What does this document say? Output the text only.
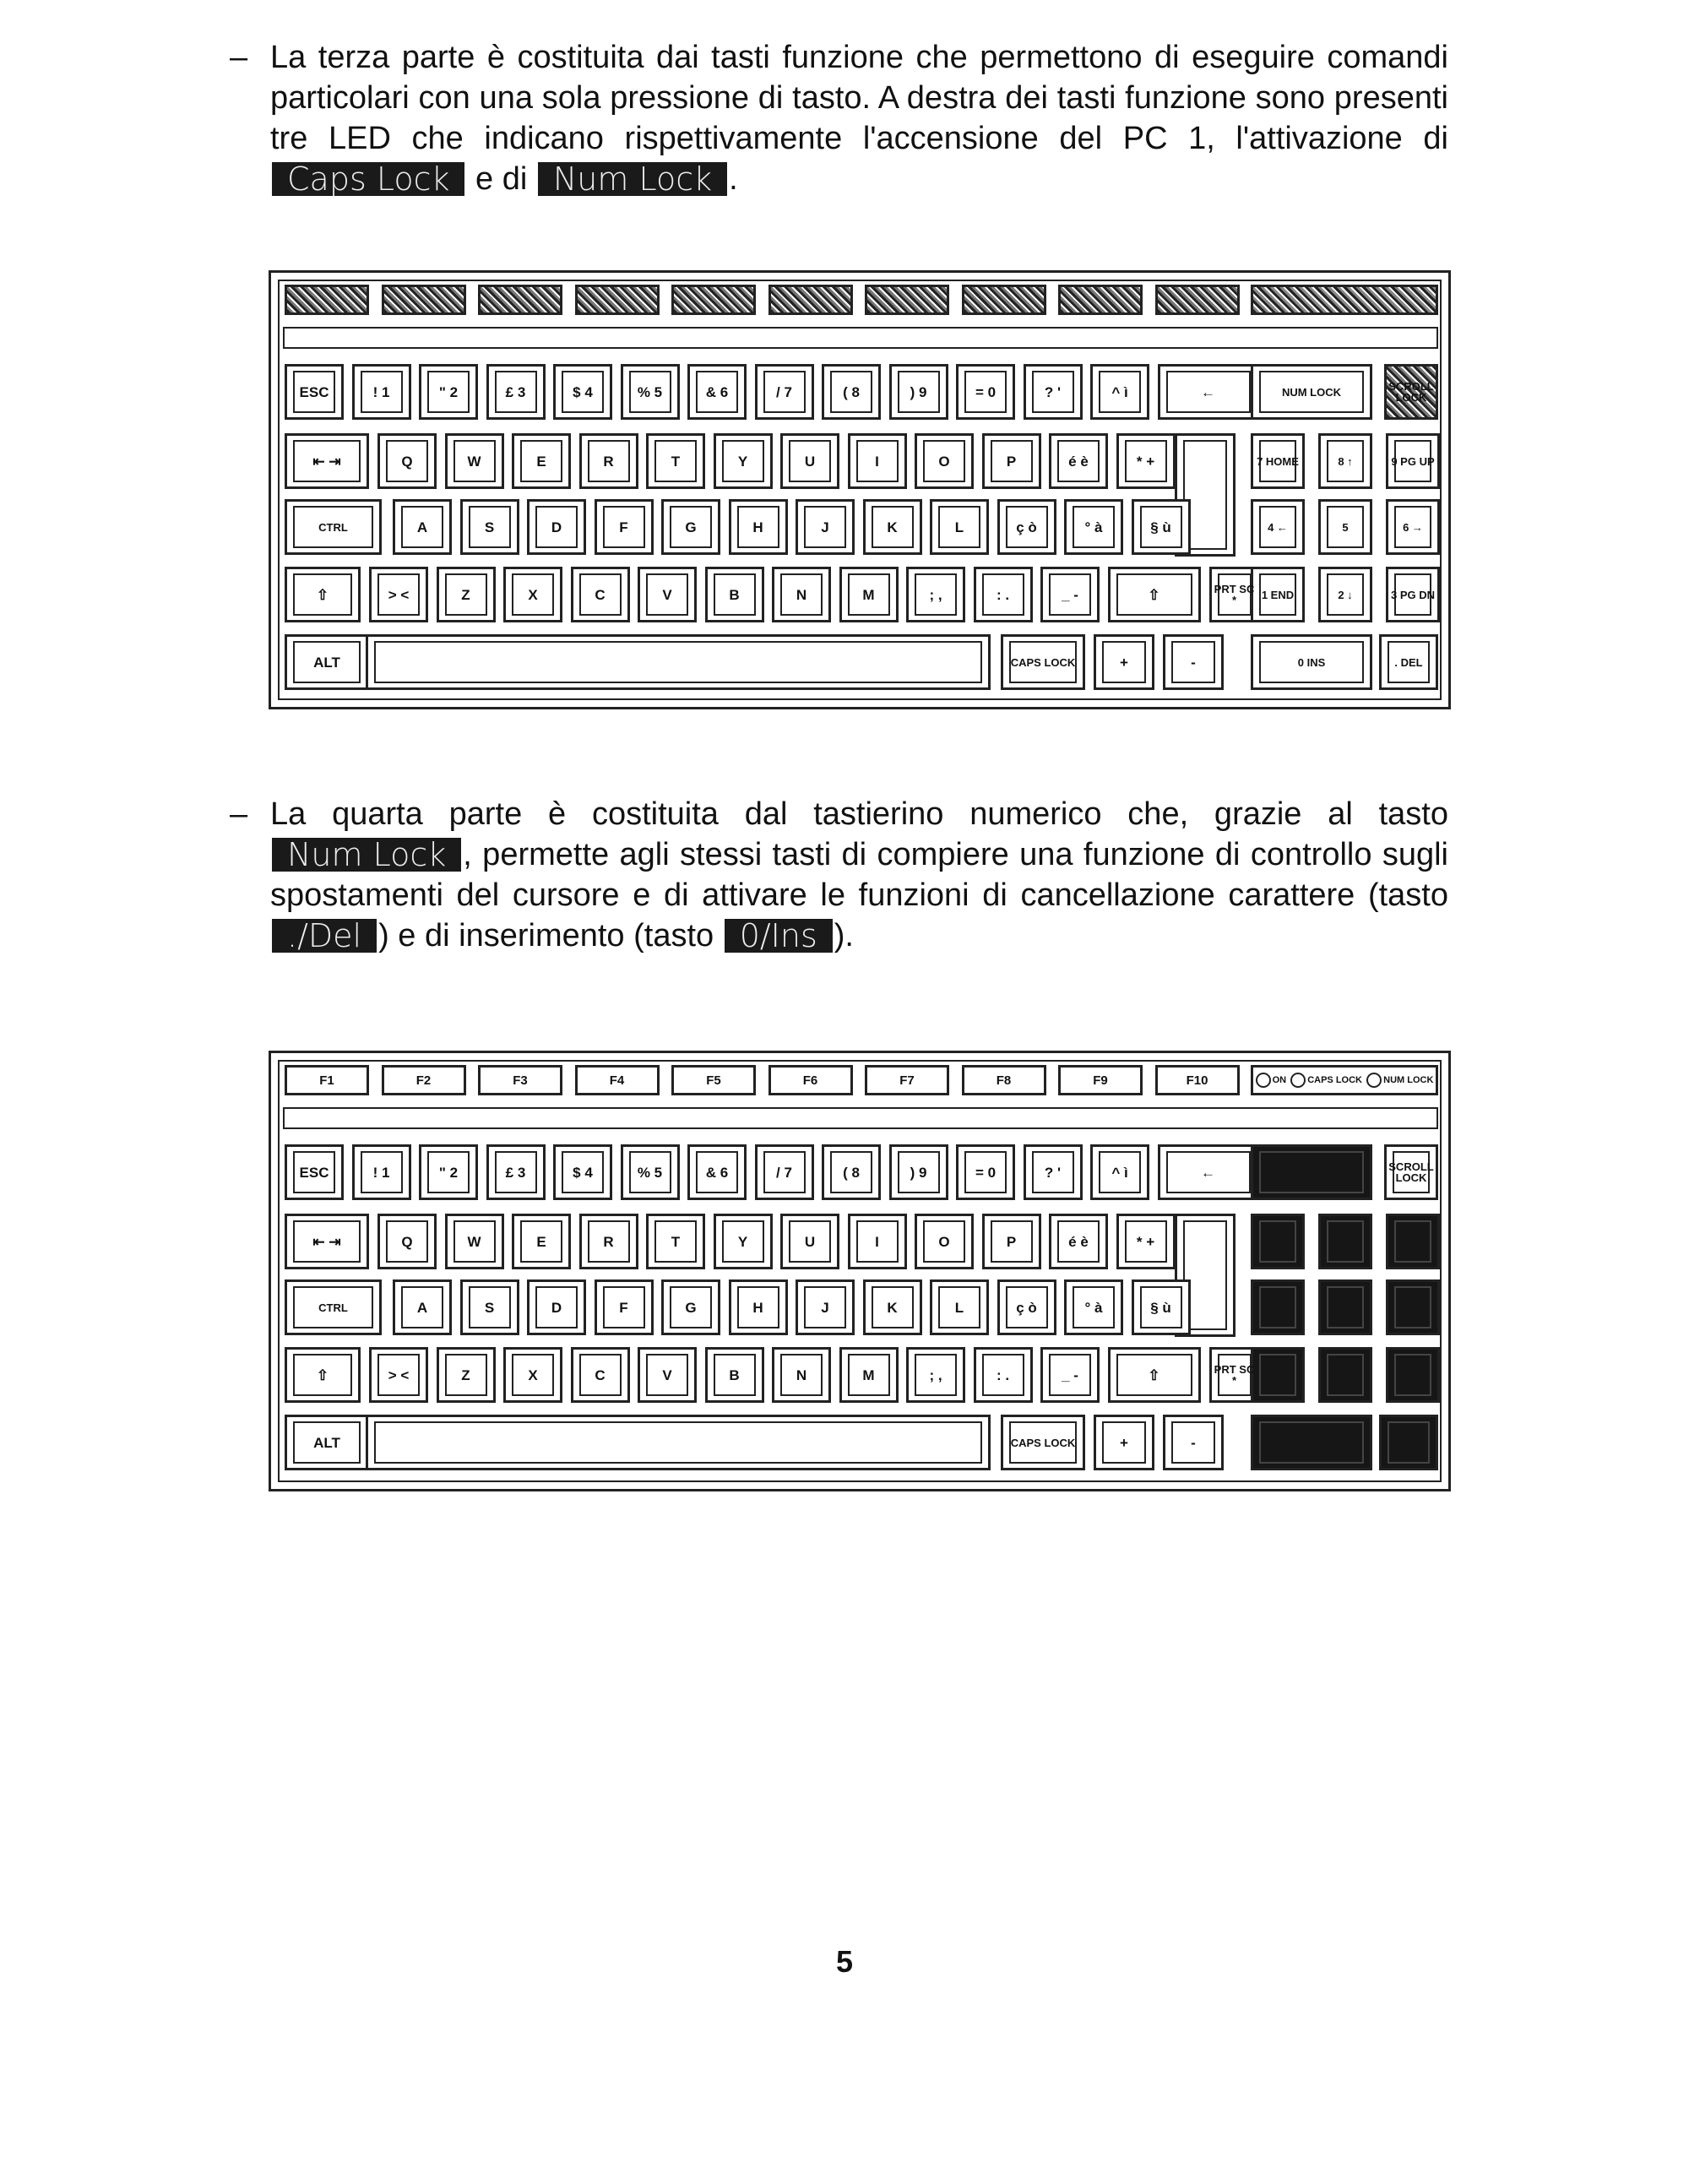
– La terza parte è costituita dai tasti funzione che permettono di eseguire comandi particolari con una sola pressione di tasto. A destra dei tasti funzione sono presenti tre LED che indicano rispettivamente l'accensione del PC 1, l'attivazione di Caps Lock e di Num Lock .
ESC	! 1	" 2	£ 3	$ 4	% 5	& 6	/ 7	( 8	) 9	= 0	? '	^ ì	←
⇤ ⇥	Q	W	E	R	T	Y	U	I	O	P	é è	* +
CTRL	A	S	D	F	G	H	J	K	L	ç ò	° à	§ ù
⇧	> <	Z	X	C	V	B	N	M	; ,	: .	_ -	⇧	PRT SC *
ALT	CAPS LOCK	+	-
NUM LOCK	SCROLL LOCK
7 HOME	8 ↑	9 PG UP
4 ←	5	6 →
1 END	2 ↓	3 PG DN
0 INS	. DEL
– La quarta parte è costituita dal tastierino numerico che, grazie al tasto Num Lock , permette agli stessi tasti di compiere una funzione di controllo sugli spostamenti del cursore e di attivare le funzioni di cancellazione carattere (tasto ./Del ) e di inserimento (tasto 0/Ins ).
F1	F2	F3	F4	F5	F6	F7	F8	F9	F10	ON CAPS LOCK NUM LOCK
ESC	! 1	" 2	£ 3	$ 4	% 5	& 6	/ 7	( 8	) 9	= 0	? '	^ ì	←
⇤ ⇥	Q	W	E	R	T	Y	U	I	O	P	é è	* +
CTRL	A	S	D	F	G	H	J	K	L	ç ò	° à	§ ù
⇧	> <	Z	X	C	V	B	N	M	; ,	: .	_ -	⇧	PRT SC *
ALT	CAPS LOCK	+	-
SCROLL LOCK
5
